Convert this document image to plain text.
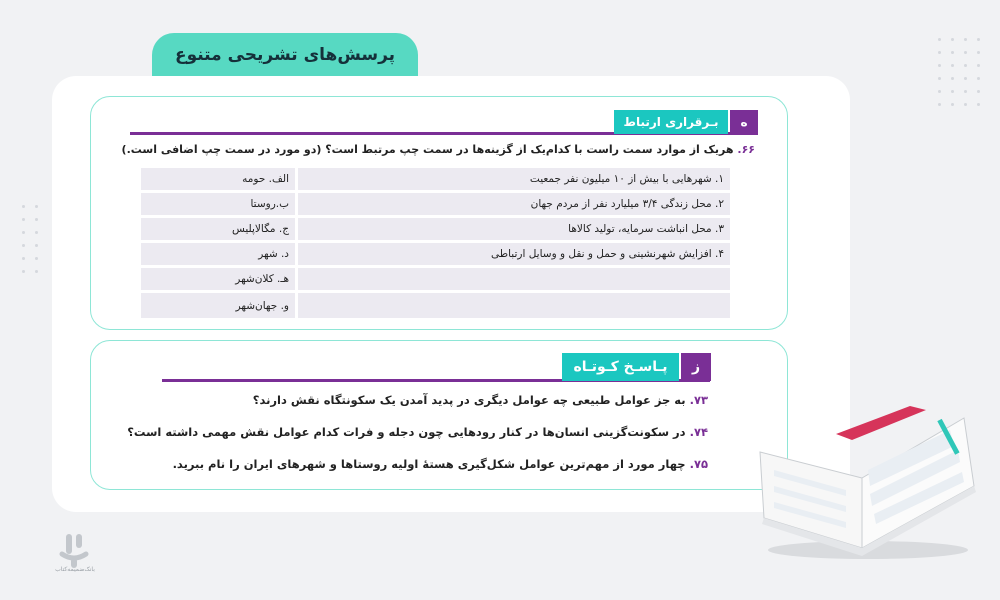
پرسش‌های تشریحی متنوع
ه
بـرقراری ارتباط
۶۶. هریک از موارد سمت راست با کدام‌یک از گزینه‌ها در سمت چپ مرتبط است؟ (دو مورد در سمت چپ اضافی است.)
۱. شهرهایی با بیش از ۱۰ میلیون نفر جمعیت
۲. محل زندگی ۳/۴ میلیارد نفر از مردم جهان
۳. محل انباشت سرمایه، تولید کالاها
۴. افزایش شهرنشینی و حمل و نقل و وسایل ارتباطی
الف. حومه
ب.روستا
ج. مگالاپلیس
د. شهر
هـ. کلان‌شهر
و. جهان‌شهر
ز
پـاسـخ کـوتـاه
۷۳.به جز عوامل طبیعی چه عوامل دیگری در پدید آمدن یک سکونتگاه نقش دارند؟
۷۴.در سکونت‌گزینی انسان‌ها در کنار رودهایی چون دجله و فرات کدام عوامل نقش مهمی داشته است؟
۷۵.چهار مورد از مهم‌ترین عوامل شکل‌گیری هستهٔ اولیه روستاها و شهرهای ایران را نام ببرید.
بانک‌ضمیمه‌کتاب
